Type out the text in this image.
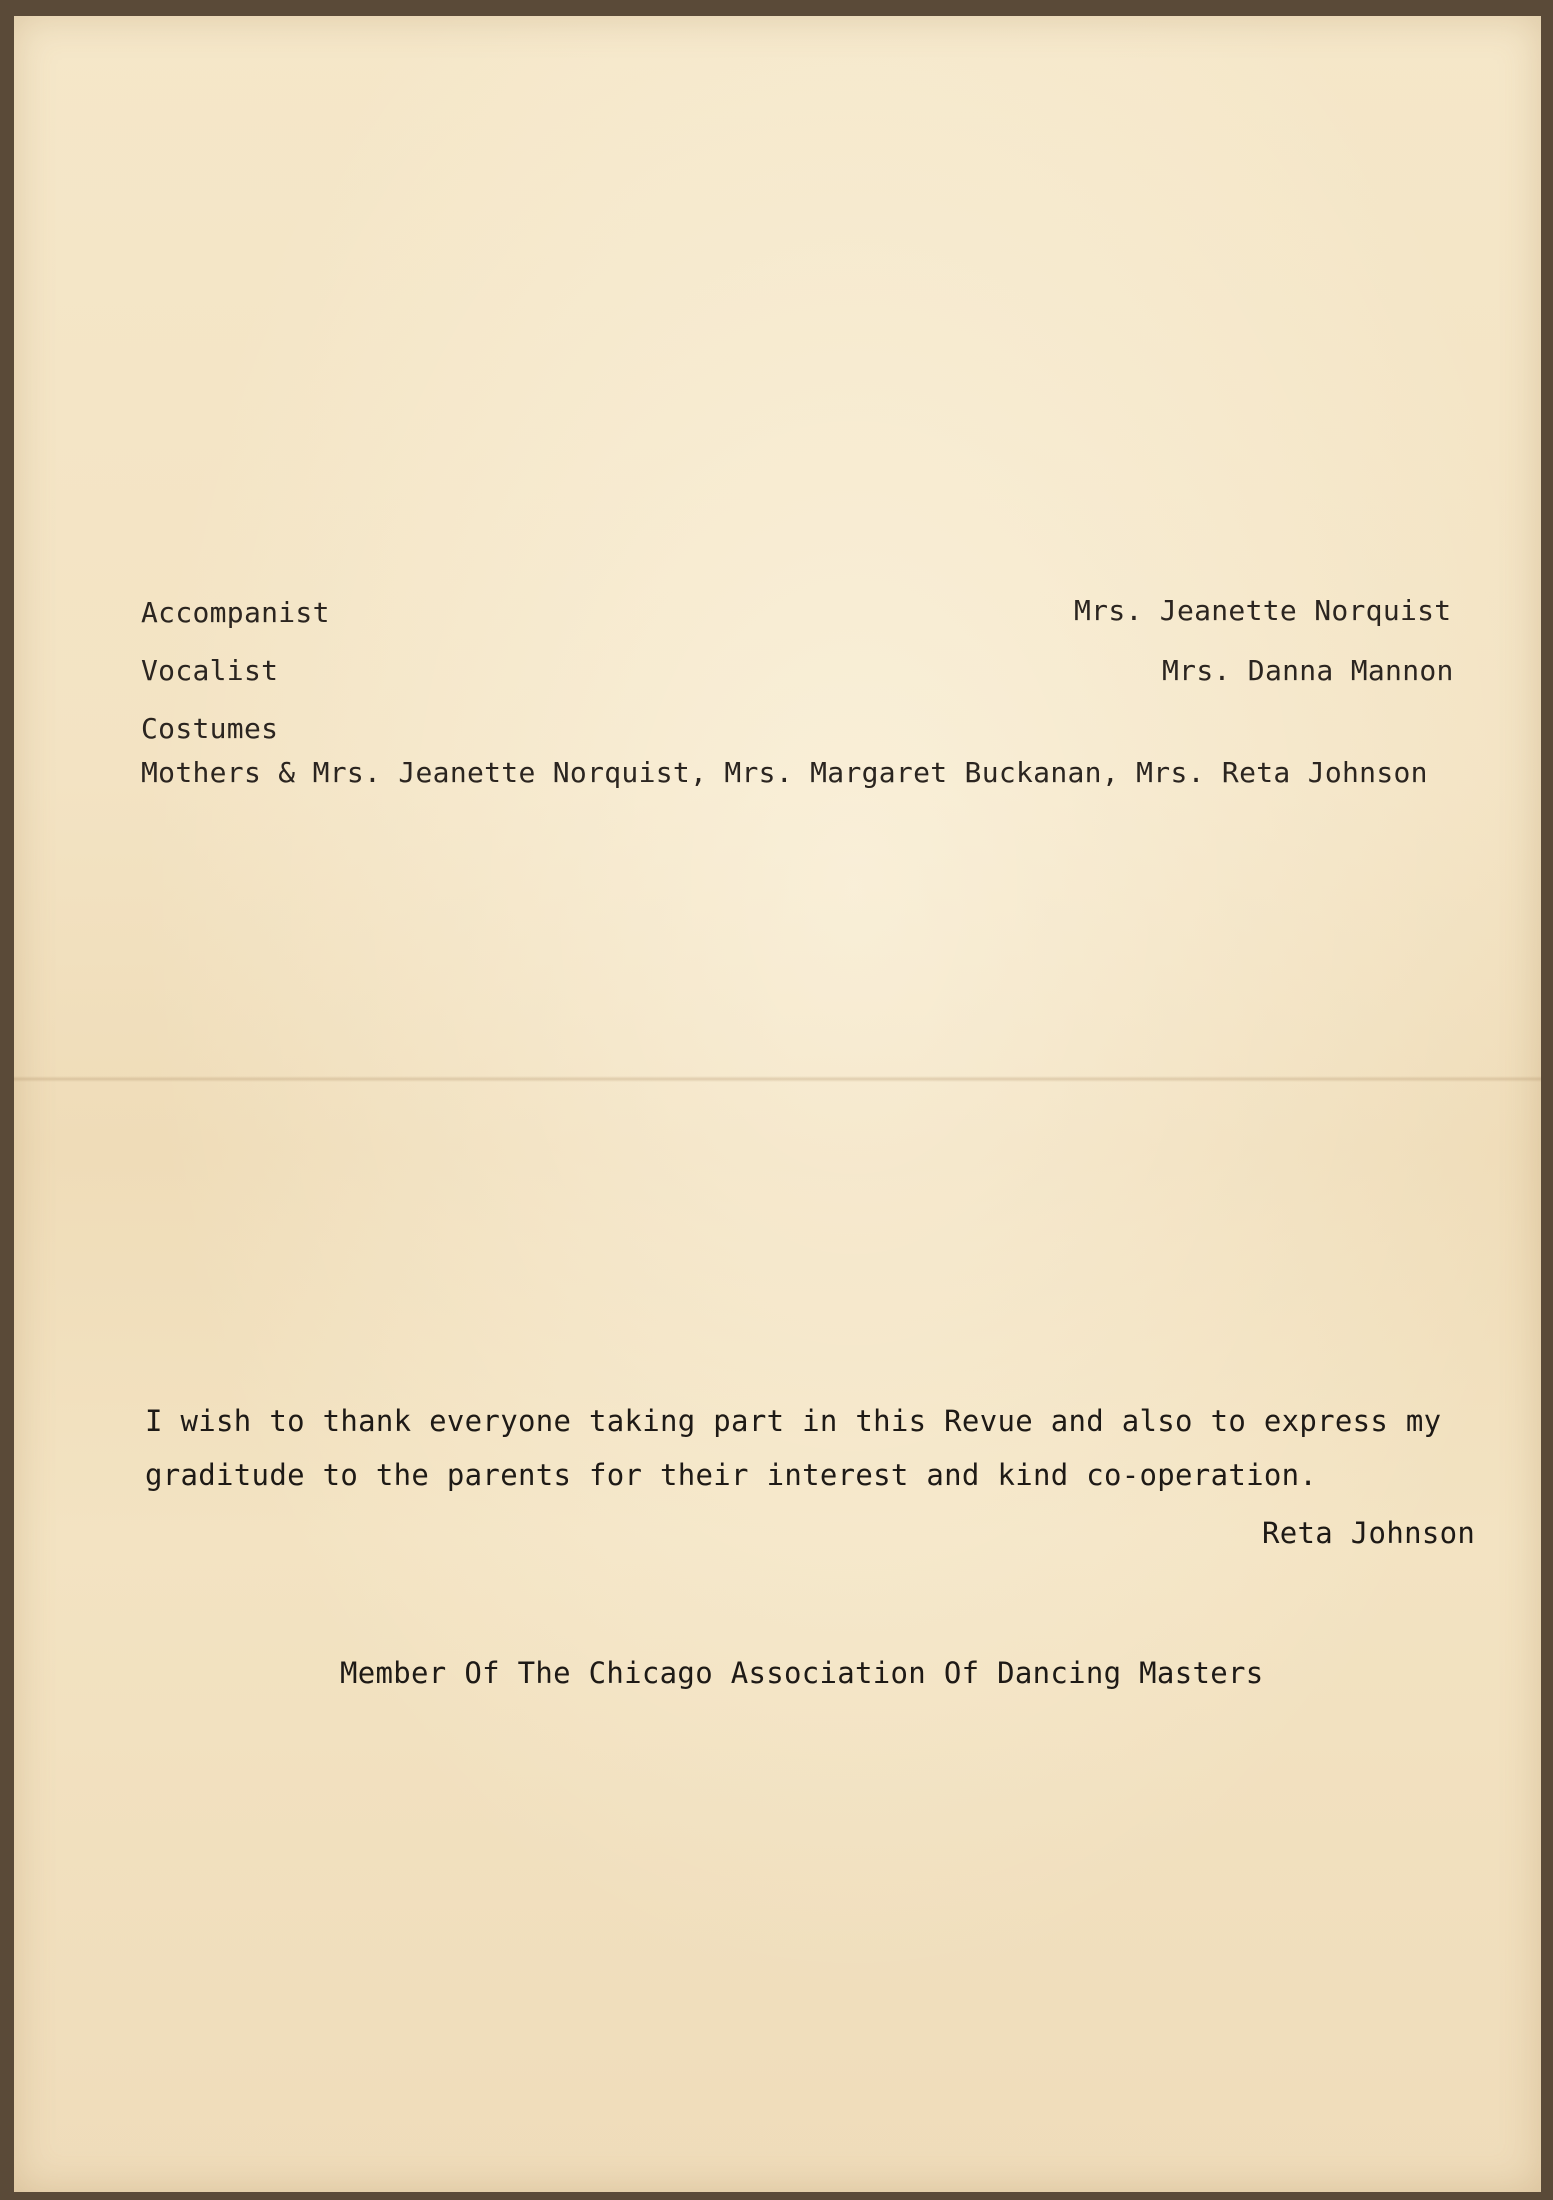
Accompanist	Mrs. Jeanette Norquist
Vocalist	Mrs. Danna Mannon
Costumes
Mothers & Mrs. Jeanette Norquist, Mrs. Margaret Buckanan, Mrs. Reta Johnson
I wish to thank everyone taking part in this Revue and also to express my
graditude to the parents for their interest and kind co-operation.
Reta Johnson
Member Of The Chicago Association Of Dancing Masters
